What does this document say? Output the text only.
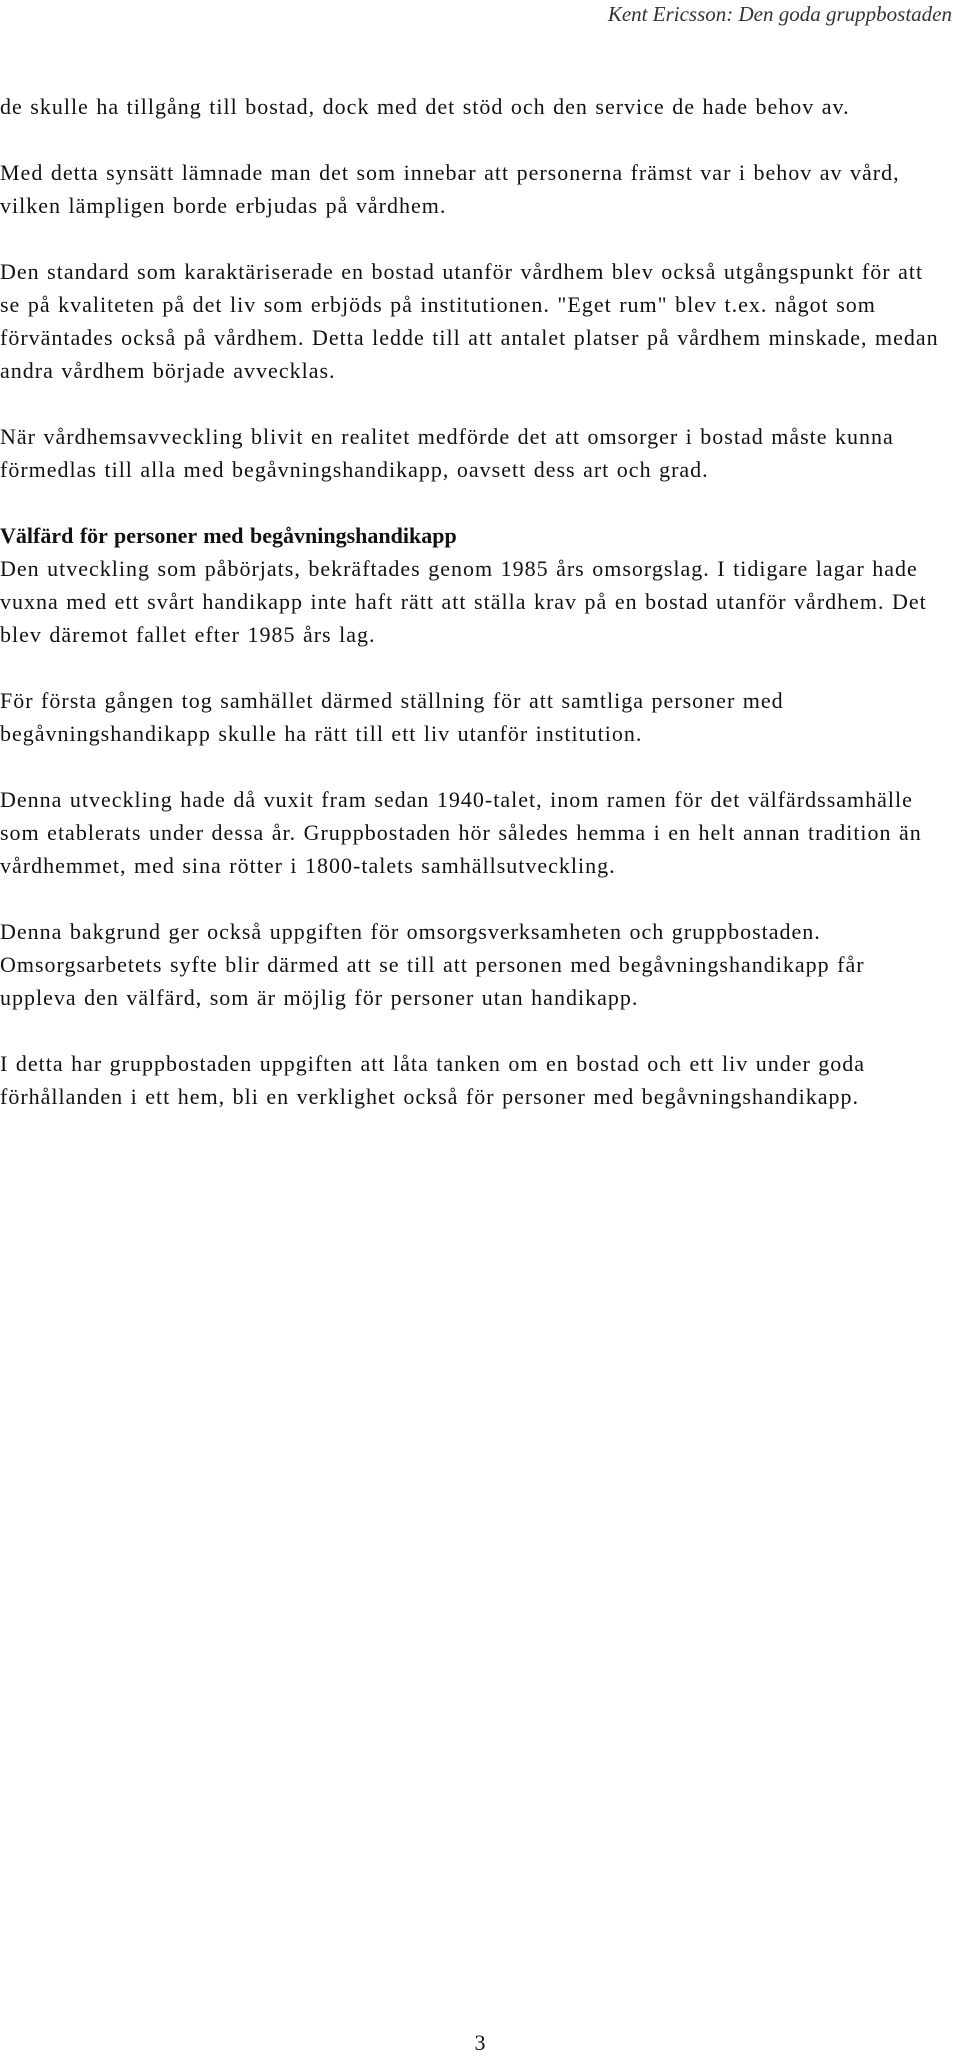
Kent Ericsson: Den goda gruppbostaden

de skulle ha tillgång till bostad, dock med det stöd och den service de hade behov av.

Med detta synsätt lämnade man det som innebar att personerna främst var i behov av vård, vilken lämpligen borde erbjudas på vårdhem.

Den standard som karaktäriserade en bostad utanför vårdhem blev också utgångspunkt för att se på kvaliteten på det liv som erbjöds på institutionen. "Eget rum" blev t.ex. något som förväntades också på vårdhem. Detta ledde till att antalet platser på vårdhem minskade, medan andra vårdhem började avvecklas.

När vårdhemsavveckling blivit en realitet medförde det att omsorger i bostad måste kunna förmedlas till alla med begåvningshandikapp, oavsett dess art och grad.

Välfärd för personer med begåvningshandikapp

Den utveckling som påbörjats, bekräftades genom 1985 års omsorgslag. I tidigare lagar hade vuxna med ett svårt handikapp inte haft rätt att ställa krav på en bostad utanför vårdhem. Det blev däremot fallet efter 1985 års lag.

För första gången tog samhället därmed ställning för att samtliga personer med begåvningshandikapp skulle ha rätt till ett liv utanför institution.

Denna utveckling hade då vuxit fram sedan 1940-talet, inom ramen för det välfärdssamhälle som etablerats under dessa år. Gruppbostaden hör således hemma i en helt annan tradition än vårdhemmet, med sina rötter i 1800-talets samhällsutveckling.

Denna bakgrund ger också uppgiften för omsorgsverksamheten och gruppbostaden. Omsorgsarbetets syfte blir därmed att se till att personen med begåvningshandikapp får uppleva den välfärd, som är möjlig för personer utan handikapp.

I detta har gruppbostaden uppgiften att låta tanken om en bostad och ett liv under goda förhållanden i ett hem, bli en verklighet också för personer med begåvningshandikapp.

3
